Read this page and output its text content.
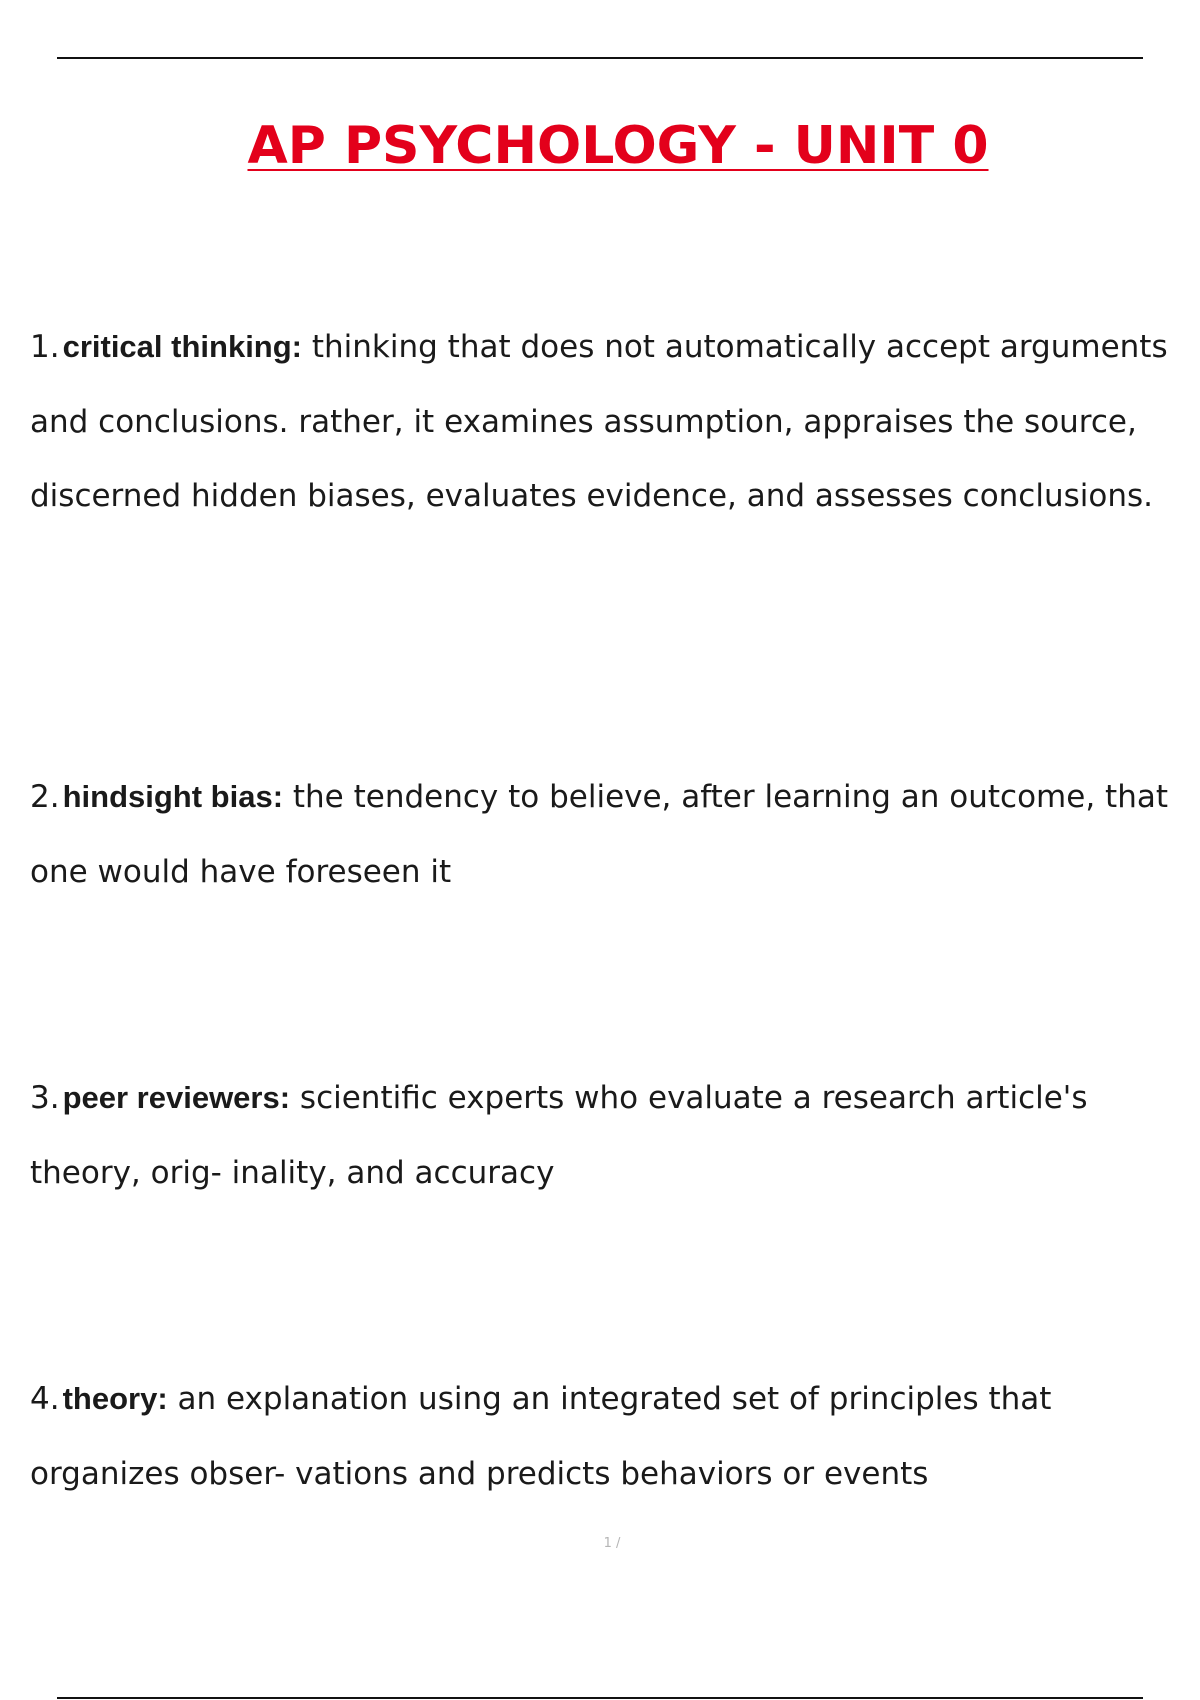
AP PSYCHOLOGY - UNIT 0

1.critical thinking: thinking that does not automatically accept arguments and conclusions. rather, it examines assumption, appraises the source, discerned hidden biases, evaluates evidence, and assesses conclusions.

2.hindsight bias: the tendency to believe, after learning an outcome, that one would have foreseen it

3.peer reviewers: scientific experts who evaluate a research article's theory, orig- inality, and accuracy

4.theory: an explanation using an integrated set of principles that organizes obser- vations and predicts behaviors or events

1 /
